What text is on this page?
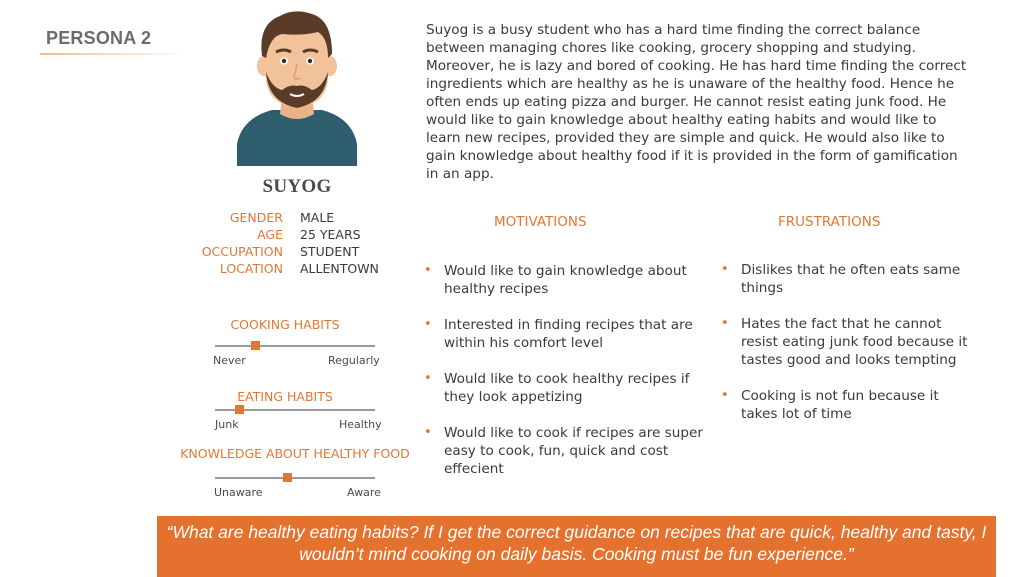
PERSONA 2
SUYOG
GENDER MALE
AGE 25 YEARS
OCCUPATION STUDENT
LOCATION ALLENTOWN
COOKING HABITS
Never	Regularly
EATING HABITS
Junk	Healthy
KNOWLEDGE ABOUT HEALTHY FOOD
Unaware	Aware
Suyog is a busy student who has a hard time finding the correct balance between managing chores like cooking, grocery shopping and studying. Moreover, he is lazy and bored of cooking. He has hard time finding the correct ingredients which are healthy as he is unaware of the healthy food. Hence he often ends up eating pizza and burger. He cannot resist eating junk food. He would like to gain knowledge about healthy eating habits and would like to learn new recipes, provided they are simple and quick. He would also like to gain knowledge about healthy food if it is provided in the form of gamification in an app.
MOTIVATIONS
• Would like to gain knowledge about healthy recipes
• Interested in finding recipes that are within his comfort level
• Would like to cook healthy recipes if they look appetizing
• Would like to cook if recipes are super easy to cook, fun, quick and cost effecient
FRUSTRATIONS
• Dislikes that he often eats same things
• Hates the fact that he cannot resist eating junk food because it tastes good and looks tempting
• Cooking is not fun because it takes lot of time
“What are healthy eating habits? If I get the correct guidance on recipes that are quick, healthy and tasty, I wouldn’t mind cooking on daily basis. Cooking must be fun experience.”
